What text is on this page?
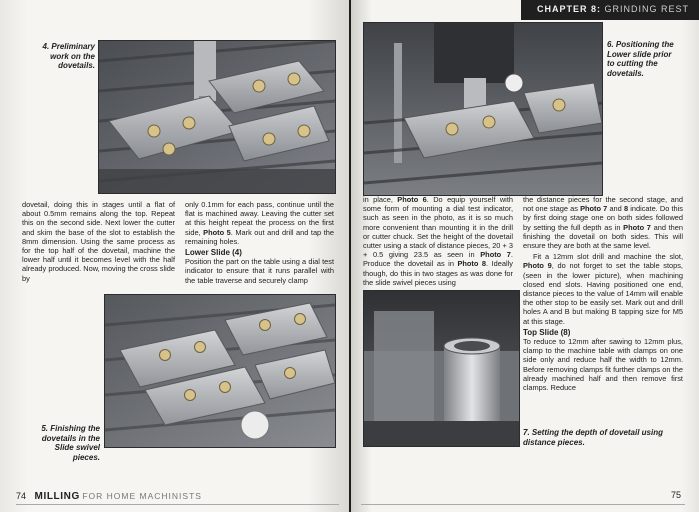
4. Preliminary
work on the
dovetails.

dovetail, doing this in stages until a flat of about 0.5mm remains along the top. Repeat this on the second side. Next lower the cutter and skim the base of the slot to establish the 8mm dimension. Using the same process as for the top half of the dovetail, machine the lower half until it becomes level with the half already produced. Now, moving the cross slide by

only 0.1mm for each pass, continue until the flat is machined away. Leaving the cutter set at this height repeat the process on the first side, Photo 5. Mark out and drill and tap the remaining holes.

Lower Slide (4)

Position the part on the table using a dial test indicator to ensure that it runs parallel with the table traverse and securely clamp

5. Finishing the
dovetails in the
Slide swivel
pieces.
74 MILLING FOR HOME MACHINISTS
CHAPTER 8: GRINDING REST
6. Positioning the
Lower slide prior
to cutting the
dovetails.

in place, Photo 6. Do equip yourself with some form of mounting a dial test indicator, such as seen in the photo, as it is so much more convenient than mounting it in the drill or cutter chuck. Set the height of the dovetail cutter using a stack of distance pieces, 20 + 3 + 0.5 giving 23.5 as seen in Photo 7. Produce the dovetail as in Photo 8. Ideally though, do this in two stages as was done for the slide swivel pieces using

the distance pieces for the second stage, and not one stage as Photo 7 and 8 indicate. Do this by first doing stage one on both sides followed by setting the full depth as in Photo 7 and then finishing the dovetail on both sides. This will ensure they are both at the same level.

Fit a 12mm slot drill and machine the slot, Photo 9, do not forget to set the table stops, (seen in the lower picture), when machining closed end slots. Having positioned one end, distance pieces to the value of 14mm will enable the other stop to be easily set. Mark out and drill holes A and B but making B tapping size for M5 at this stage.

Top Slide (8)

To reduce to 12mm after sawing to 12mm plus, clamp to the machine table with clamps on one side only and reduce half the width to 12mm. Before removing clamps fit further clamps on the already machined half and then remove first clamps. Reduce

7. Setting the depth of dovetail using
distance pieces.
75
